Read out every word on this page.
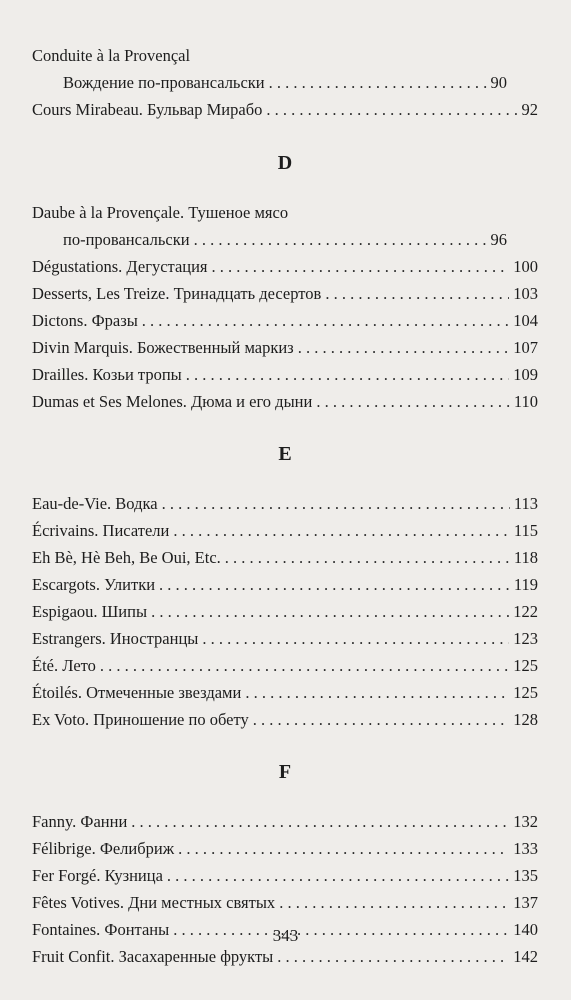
Conduite à la Provençal
Вождение по-провансальски . . .	90
Cours Mirabeau. Бульвар Мирабо . . .	92
D
Daube à la Provençale. Тушеное мясо
по-провансальски . . .	96
Dégustations. Дегустация . . .	100
Desserts, Les Treize. Тринадцать десертов . . .	103
Dictons. Фразы . . .	104
Divin Marquis. Божественный маркиз . . .	107
Drailles. Козьи тропы . . .	109
Dumas et Ses Melones. Дюма и его дыни . . .	110
E
Eau-de-Vie. Водка . . .	113
Écrivains. Писатели . . .	115
Eh Bè, Hè Beh, Be Oui, Etc. . . .	118
Escargots. Улитки . . .	119
Espigaou. Шипы . . .	122
Estrangers. Иностранцы . . .	123
Été. Лето . . .	125
Étoilés. Отмеченные звездами . . .	125
Ex Voto. Приношение по обету . . .	128
F
Fanny. Фанни . . .	132
Félibrige. Фелибриж . . .	133
Fer Forgé. Кузница . . .	135
Fêtes Votives. Дни местных святых . . .	137
Fontaines. Фонтаны . . .	140
Fruit Confit. Засахаренные фрукты . . .	142
343
